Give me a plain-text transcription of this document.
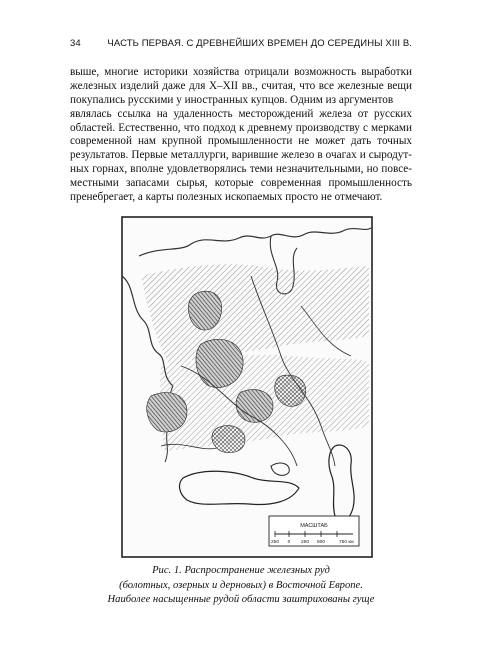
34	ЧАСТЬ ПЕРВАЯ. С ДРЕВНЕЙШИХ ВРЕМЕН ДО СЕРЕДИНЫ XIII В.
выше, многие историки хозяйства отрицали возможность выработки
железных изделий даже для X–XII вв., считая, что все железные вещи
покупались русскими у иностранных купцов. Одним из аргументов
являлась ссылка на удаленность месторождений железа от русских
областей. Естественно, что подход к древнему производству с мерками
современной нам крупной промышленности не может дать точных
результатов. Первые металлурги, варившие железо в очагах и сыродут-
ных горнах, вполне удовлетворялись теми незначительными, но повсе-
местными запасами сырья, которые современная промышленность
пренебрегает, а карты полезных ископаемых просто не отмечают.
МАСШТАБ
250 0 250 500	750 км
Рис. 1. Распространение железных руд
(болотных, озерных и дерновых) в Восточной Европе.
Наиболее насыщенные рудой области заштрихованы гуще
